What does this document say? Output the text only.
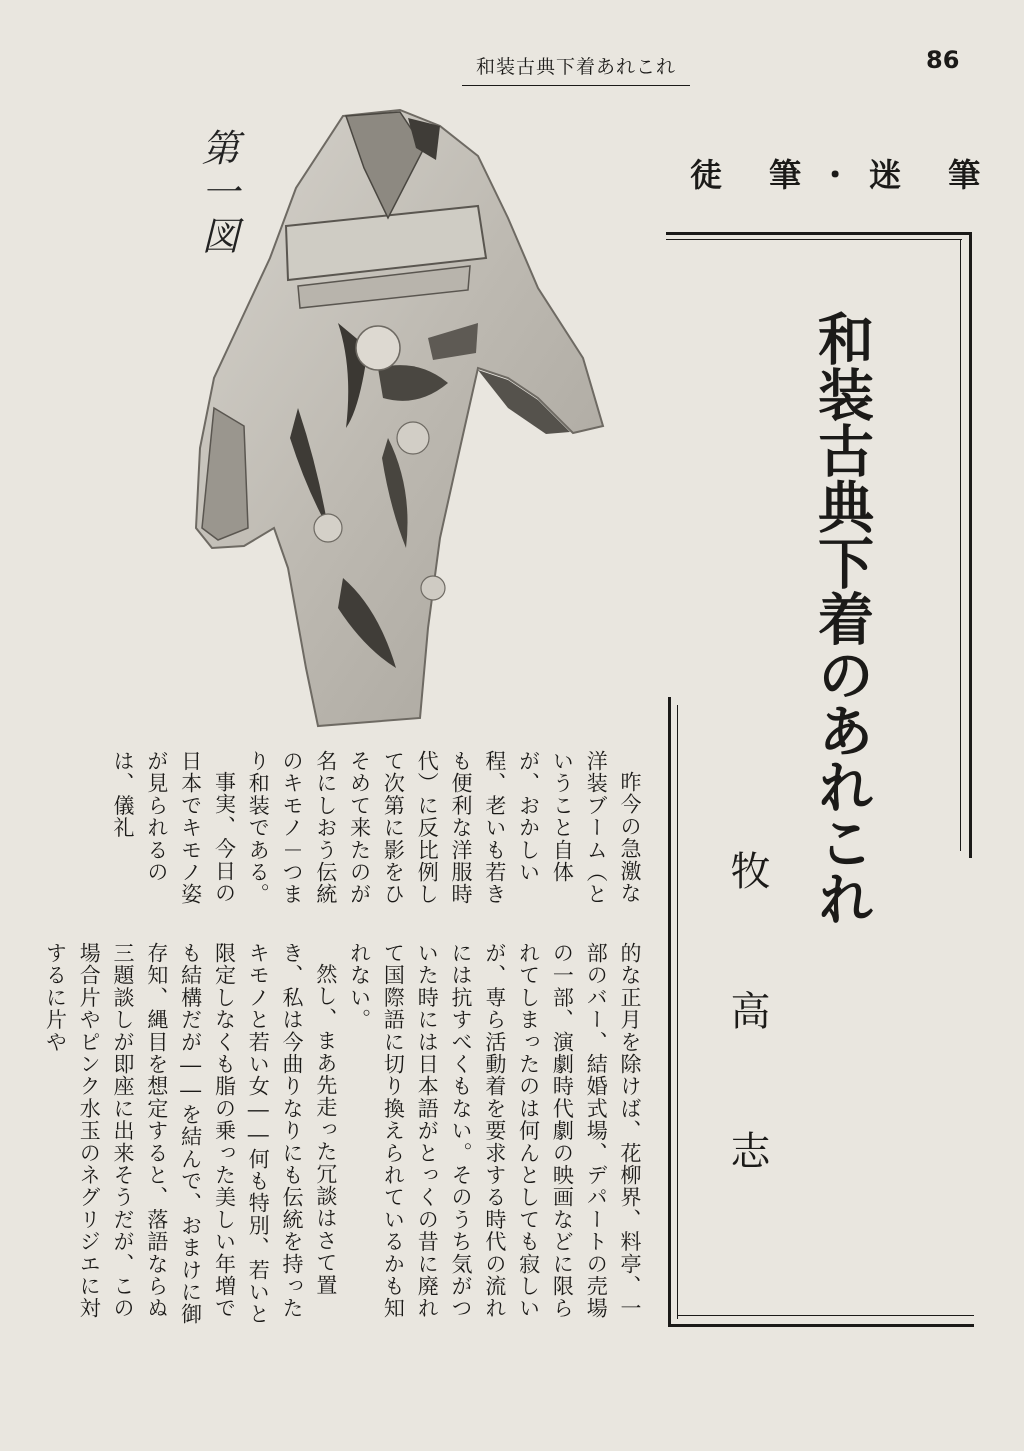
和装古典下着あれこれ	86
徒 筆・迷 筆
和装古典下着のあれこれ
牧高志
第一図
昨今の急激な洋装ブーム（ということ自体が、おかしい程、老いも若きも便利な洋服時代）に反比例して次第に影をひそめて来たのが名にしおう伝統のキモノ－つまり和装である。
事実、今日の日本でキモノ姿が見られるのは、儀礼
的な正月を除けば、花柳界、料亭、一部のバー、結婚式場、デパートの売場の一部、演劇時代劇の映画などに限られてしまったのは何んとしても寂しいが、専ら活動着を要求する時代の流れには抗すべくもない。そのうち気がついた時には日本語がとっくの昔に廃れて国際語に切り換えられているかも知れない。
然し、まあ先走った冗談はさて置き、私は今曲りなりにも伝統を持ったキモノと若い女――何も特別、若いと限定しなくも脂の乗った美しい年増でも結構だが――を結んで、おまけに御存知、縄目を想定すると、落語ならぬ三題談しが即座に出来そうだが、この場合片やピンク水玉のネグリジエに対するに片や
